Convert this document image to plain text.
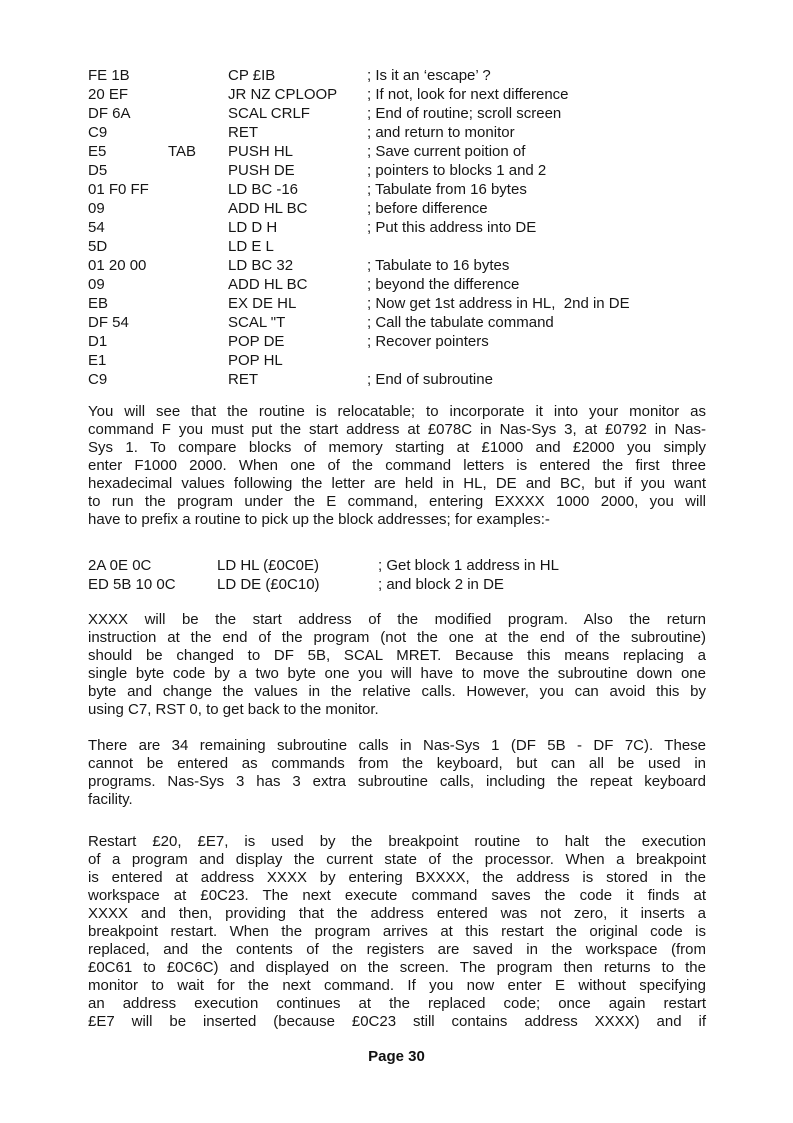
FE 1B	CP £IB	; Is it an ‘escape’ ?
20 EF	JR NZ CPLOOP	; If not, look for next difference
DF 6A	SCAL CRLF	; End of routine; scroll screen
C9	RET	; and return to monitor
E5	TAB	PUSH HL	; Save current poition of
D5	PUSH DE	; pointers to blocks 1 and 2
01 F0 FF	LD BC -16	; Tabulate from 16 bytes
09	ADD HL BC	; before difference
54	LD D H	; Put this address into DE
5D	LD E L
01 20 00	LD BC 32	; Tabulate to 16 bytes
09	ADD HL BC	; beyond the difference
EB	EX DE HL	; Now get 1st address in HL,  2nd in DE
DF 54	SCAL "T	; Call the tabulate command
D1	POP DE	; Recover pointers
E1	POP HL
C9	RET	; End of subroutine
You will see that the routine is relocatable; to incorporate it into your monitor as
command F you must put the start address at £078C in Nas-Sys 3, at £0792 in Nas-
Sys 1. To compare blocks of memory starting at £1000 and £2000 you simply
enter F1000 2000. When one of the command letters is entered the first three
hexadecimal values following the letter are held in HL, DE and BC, but if you want
to run the program under the E command, entering EXXXX 1000 2000, you will
have to prefix a routine to pick up the block addresses; for examples:-
2A 0E 0C	LD HL (£0C0E)	; Get block 1 address in HL
ED 5B 10 0C	LD DE (£0C10)	; and block 2 in DE
XXXX will be the start address of the modified program. Also the return
instruction at the end of the program (not the one at the end of the subroutine)
should be changed to DF 5B, SCAL MRET. Because this means replacing a
single byte code by a two byte one you will have to move the subroutine down one
byte and change the values in the relative calls. However, you can avoid this by
using C7, RST 0, to get back to the monitor.
There are 34 remaining subroutine calls in Nas-Sys 1 (DF 5B - DF 7C). These
cannot be entered as commands from the keyboard, but can all be used in
programs. Nas-Sys 3 has 3 extra subroutine calls, including the repeat keyboard
facility.
Restart £20, £E7, is used by the breakpoint routine to halt the execution
of a program and display the current state of the processor. When a breakpoint
is entered at address XXXX by entering BXXXX, the address is stored in the
workspace at £0C23. The next execute command saves the code it finds at
XXXX and then, providing that the address entered was not zero, it inserts a
breakpoint restart. When the program arrives at this restart the original code is
replaced, and the contents of the registers are saved in the workspace (from
£0C61 to £0C6C) and displayed on the screen. The program then returns to the
monitor to wait for the next command. If you now enter E without specifying
an address execution continues at the replaced code; once again restart
£E7 will be inserted (because £0C23 still contains address XXXX) and if
Page 30
